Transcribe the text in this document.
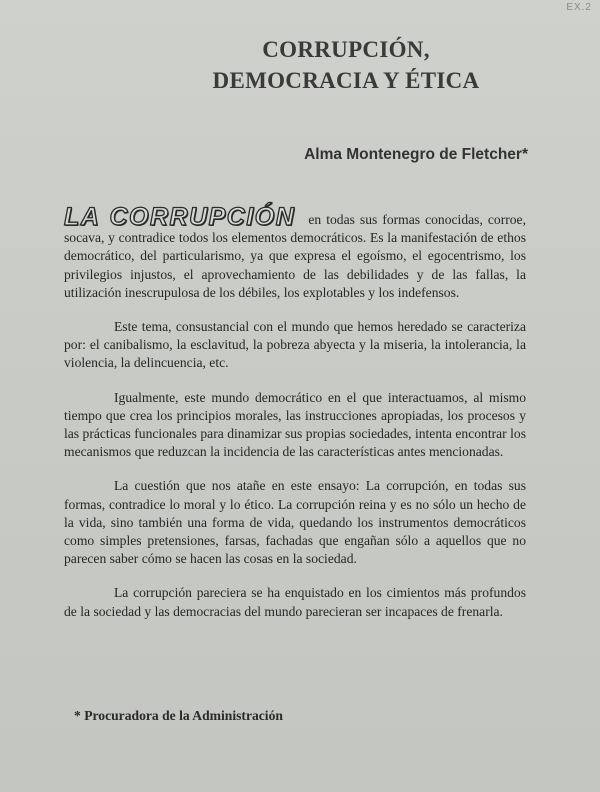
EX.2
CORRUPCIÓN,
DEMOCRACIA Y ÉTICA
Alma Montenegro de Fletcher*

LA CORRUPCIÓN en todas sus formas conocidas, corroe, socava, y contradice todos los elementos democráticos. Es la manifestación de ethos democrático, del particularismo, ya que expresa el egoísmo, el egocentrismo, los privilegios injustos, el aprovechamiento de las debilidades y de las fallas, la utilización inescrupulosa de los débiles, los explotables y los indefensos.

Este tema, consustancial con el mundo que hemos heredado se caracteriza por: el canibalismo, la esclavitud, la pobreza abyecta y la miseria, la intolerancia, la violencia, la delincuencia, etc.

Igualmente, este mundo democrático en el que interactuamos, al mismo tiempo que crea los principios morales, las instrucciones apropiadas, los procesos y las prácticas funcionales para dinamizar sus propias sociedades, intenta encontrar los mecanismos que reduzcan la incidencia de las características antes mencionadas.

La cuestión que nos atañe en este ensayo: La corrupción, en todas sus formas, contradice lo moral y lo ético. La corrupción reina y es no sólo un hecho de la vida, sino también una forma de vida, quedando los instrumentos democráticos como simples pretensiones, farsas, fachadas que engañan sólo a aquellos que no parecen saber cómo se hacen las cosas en la sociedad.

La corrupción pareciera se ha enquistado en los cimientos más profundos de la sociedad y las democracias del mundo parecieran ser incapaces de frenarla.

* Procuradora de la Administración
